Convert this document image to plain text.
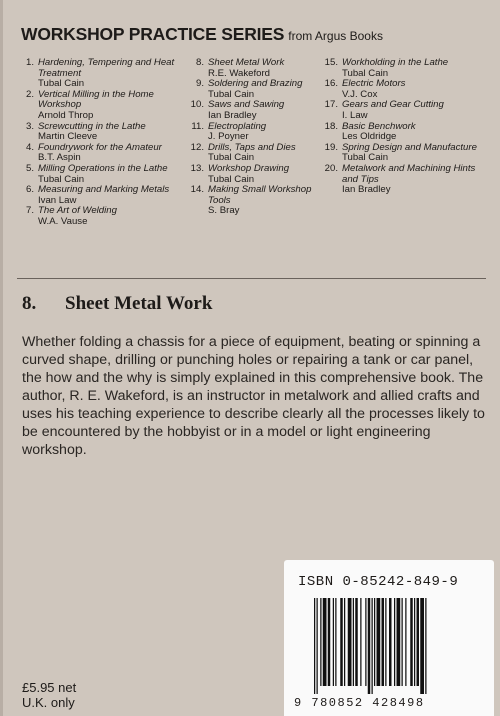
WORKSHOP PRACTICE SERIES from Argus Books
1. Hardening, Tempering and Heat Treatment
Tubal Cain
2. Vertical Milling in the Home Workshop
Arnold Throp
3. Screwcutting in the Lathe
Martin Cleeve
4. Foundrywork for the Amateur
B.T. Aspin
5. Milling Operations in the Lathe
Tubal Cain
6. Measuring and Marking Metals
Ivan Law
7. The Art of Welding
W.A. Vause
8. Sheet Metal Work
R.E. Wakeford
9. Soldering and Brazing
Tubal Cain
10. Saws and Sawing
Ian Bradley
11. Electroplating
J. Poyner
12. Drills, Taps and Dies
Tubal Cain
13. Workshop Drawing
Tubal Cain
14. Making Small Workshop Tools
S. Bray
15. Workholding in the Lathe
Tubal Cain
16. Electric Motors
V.J. Cox
17. Gears and Gear Cutting
I. Law
18. Basic Benchwork
Les Oldridge
19. Spring Design and Manufacture
Tubal Cain
20. Metalwork and Machining Hints and Tips
Ian Bradley
8. Sheet Metal Work
Whether folding a chassis for a piece of equipment, beating or spinning a curved shape, drilling or punching holes or repairing a tank or car panel, the how and the why is simply explained in this comprehensive book. The author, R. E. Wakeford, is an instructor in metalwork and allied crafts and uses his teaching experience to describe clearly all the processes likely to be encountered by the hobbyist or in a model or light engineering workshop.
ISBN 0-85242-849-9
9 780852 428498
£5.95 net
U.K. only
